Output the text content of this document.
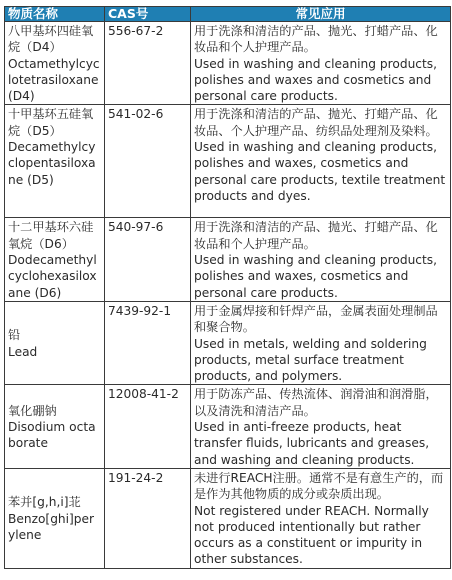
物质名称	CAS号	常见应用

八甲基环四硅氧烷（D4）
Octamethylcyclotetrasiloxane (D4)	556-67-2	用于洗涤和清洁的产品、抛光、打蜡产品、化妆品和个人护理产品。
Used in washing and cleaning products, polishes and waxes and cosmetics and personal care products.

十甲基环五硅氧烷（D5）
Decamethylcyclopentasiloxane (D5)	541-02-6	用于洗涤和清洁的产品、抛光、打蜡产品、化妆品、个人护理产品、纺织品处理剂及染料。
Used in washing and cleaning products, polishes and waxes, cosmetics and personal care products, textile treatment products and dyes.

十二甲基环六硅氧烷（D6）
Dodecamethylcyclohexasiloxane (D6)	540-97-6	用于洗涤和清洁的产品、抛光、打蜡产品、化妆品和个人护理产品。
Used in washing and cleaning products, polishes and waxes, cosmetics and personal care products.

铅
Lead	7439-92-1	用于金属焊接和钎焊产品，金属表面处理制品和聚合物。
Used in metals, welding and soldering products, metal surface treatment products, and polymers.

氧化硼钠
Disodium octaborate	12008-41-2	用于防冻产品、传热流体、润滑油和润滑脂，以及清洗和清洁产品。
Used in anti-freeze products, heat transfer fluids, lubricants and greases, and washing and cleaning products.

苯并[g,h,i]苝
Benzo[ghi]perylene	191-24-2	未进行REACH注册。通常不是有意生产的，而是作为其他物质的成分或杂质出现。
Not registered under REACH. Normally not produced intentionally but rather occurs as a constituent or impurity in other substances.
